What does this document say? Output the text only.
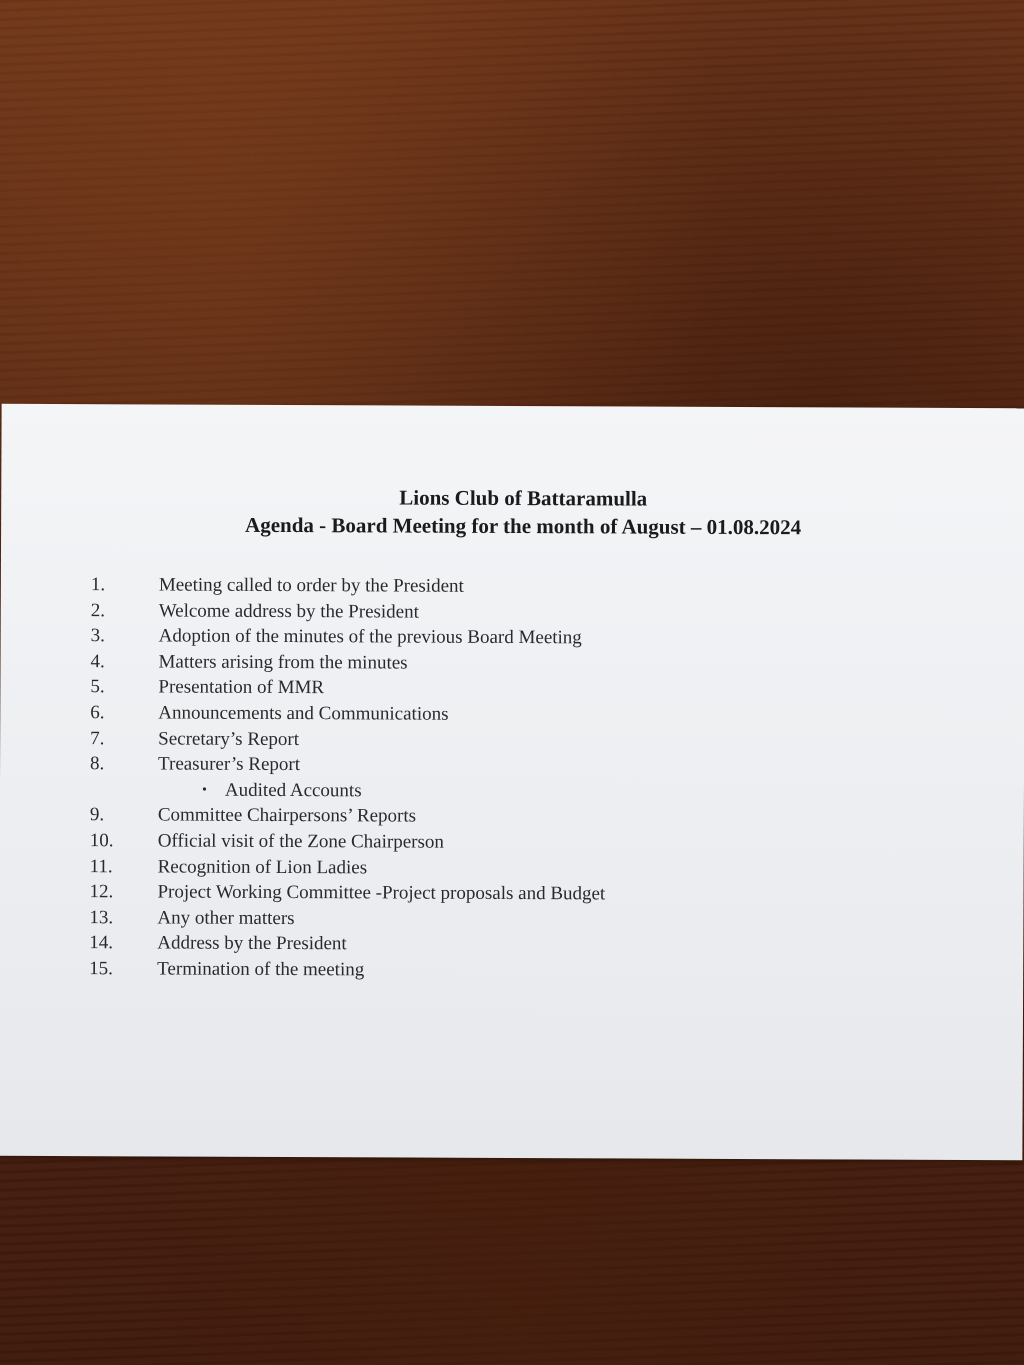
Lions Club of Battaramulla
Agenda - Board Meeting for the month of August – 01.08.2024
1.	Meeting called to order by the President
2.	Welcome address by the President
3.	Adoption of the minutes of the previous Board Meeting
4.	Matters arising from the minutes
5.	Presentation of MMR
6.	Announcements and Communications
7.	Secretary’s Report
8.	Treasurer’s Report
• Audited Accounts
9.	Committee Chairpersons’ Reports
10.	Official visit of the Zone Chairperson
11.	Recognition of Lion Ladies
12.	Project Working Committee -Project proposals and Budget
13.	Any other matters
14.	Address by the President
15.	Termination of the meeting
